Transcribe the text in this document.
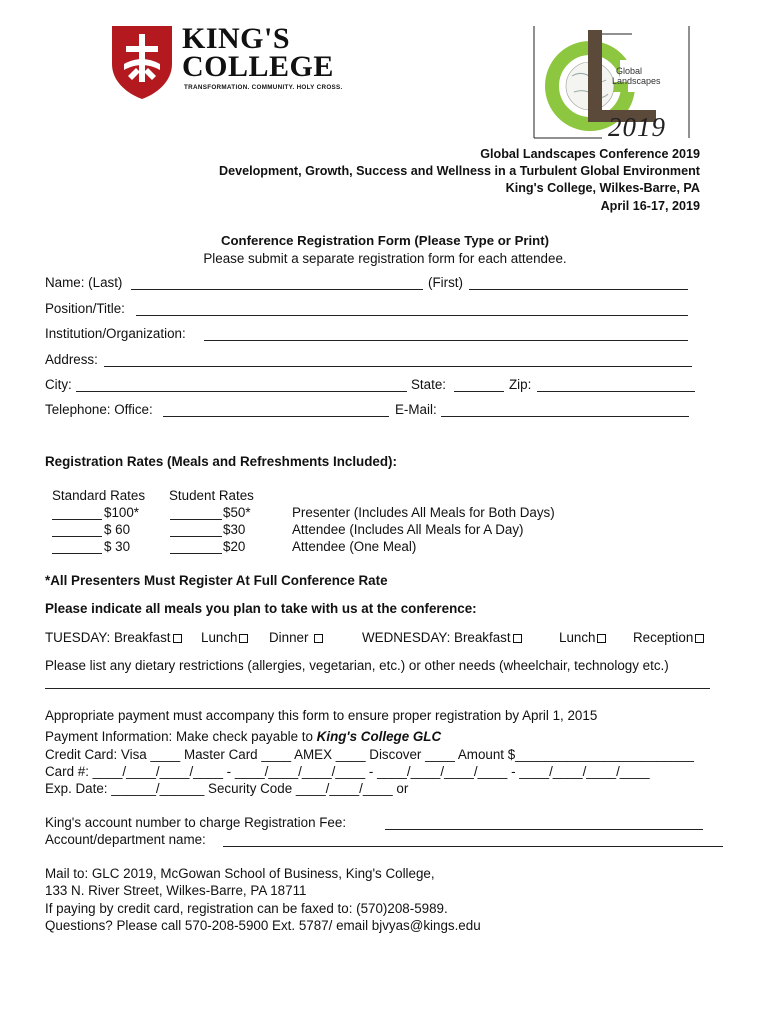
KING'S
COLLEGE
TRANSFORMATION. COMMUNITY. HOLY CROSS.
Global
Landscapes
2019
Global Landscapes Conference 2019
Development, Growth, Success and Wellness in a Turbulent Global Environment
King's College, Wilkes-Barre, PA
April 16-17, 2019
Conference Registration Form (Please Type or Print)
Please submit a separate registration form for each attendee.
Name: (Last)	(First)
Position/Title:
Institution/Organization:
Address:
City:	State:	Zip:
Telephone: Office:	E-Mail:
Registration Rates (Meals and Refreshments Included):
Standard Rates Student Rates
$100*	$50*	Presenter (Includes All Meals for Both Days)
$ 60	$30	Attendee (Includes All Meals for A Day)
$ 30	$20	Attendee (One Meal)
*All Presenters Must Register At Full Conference Rate
Please indicate all meals you plan to take with us at the conference:
TUESDAY: Breakfast	Lunch	Dinner	WEDNESDAY: Breakfast	Lunch	Reception
Please list any dietary restrictions (allergies, vegetarian, etc.) or other needs (wheelchair, technology etc.)
Appropriate payment must accompany this form to ensure proper registration by April 1, 2015
Payment Information: Make check payable to King's College GLC
Credit Card: Visa ____ Master Card ____ AMEX ____ Discover ____ Amount $________________________
Card #: ____/____/____/____ - ____/____/____/____ - ____/____/____/____ - ____/____/____/____
Exp. Date: ______/______ Security Code ____/____/____ or
King's account number to charge Registration Fee:
Account/department name:
Mail to: GLC 2019, McGowan School of Business, King's College,
133 N. River Street, Wilkes-Barre, PA 18711
If paying by credit card, registration can be faxed to: (570)208-5989.
Questions? Please call 570-208-5900 Ext. 5787/ email bjvyas@kings.edu
